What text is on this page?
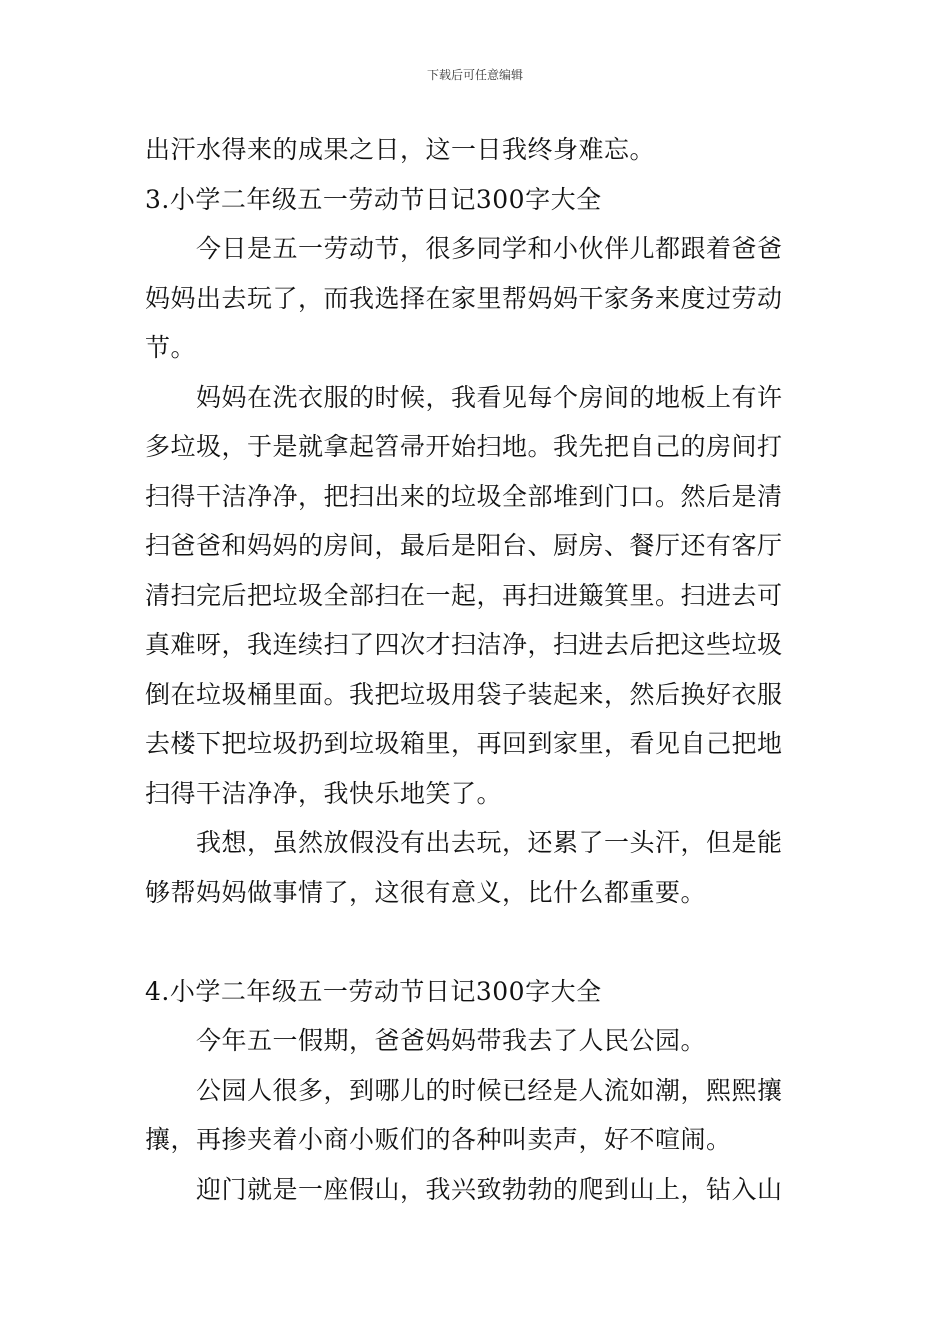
下载后可任意编辑
出汗水得来的成果之日，这一日我终身难忘。
3.小学二年级五一劳动节日记300字大全
今日是五一劳动节，很多同学和小伙伴儿都跟着爸爸
妈妈出去玩了，而我选择在家里帮妈妈干家务来度过劳动
节。
妈妈在洗衣服的时候，我看见每个房间的地板上有许
多垃圾，于是就拿起笤帚开始扫地。我先把自己的房间打
扫得干洁净净，把扫出来的垃圾全部堆到门口。然后是清
扫爸爸和妈妈的房间，最后是阳台、厨房、餐厅还有客厅
清扫完后把垃圾全部扫在一起，再扫进簸箕里。扫进去可
真难呀，我连续扫了四次才扫洁净，扫进去后把这些垃圾
倒在垃圾桶里面。我把垃圾用袋子装起来，然后换好衣服
去楼下把垃圾扔到垃圾箱里，再回到家里，看见自己把地
扫得干洁净净，我快乐地笑了。
我想，虽然放假没有出去玩，还累了一头汗，但是能
够帮妈妈做事情了，这很有意义，比什么都重要。
4.小学二年级五一劳动节日记300字大全
今年五一假期，爸爸妈妈带我去了人民公园。
公园人很多，到哪儿的时候已经是人流如潮，熙熙攘
攘，再掺夹着小商小贩们的各种叫卖声，好不喧闹。
迎门就是一座假山，我兴致勃勃的爬到山上，钻入山
